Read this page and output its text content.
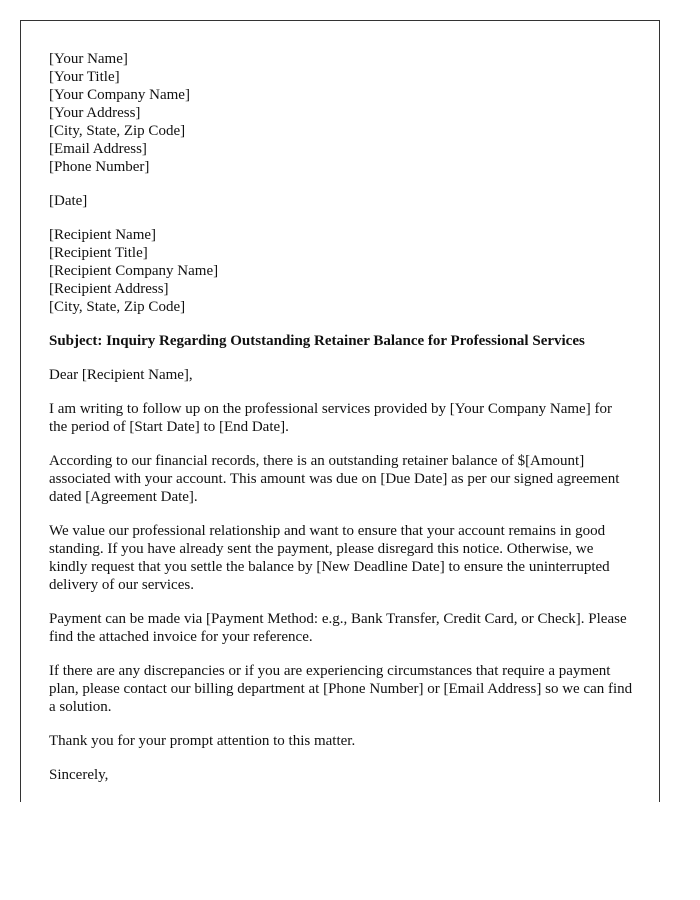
[Your Name]
[Your Title]
[Your Company Name]
[Your Address]
[City, State, Zip Code]
[Email Address]
[Phone Number]

[Date]

[Recipient Name]
[Recipient Title]
[Recipient Company Name]
[Recipient Address]
[City, State, Zip Code]

Subject: Inquiry Regarding Outstanding Retainer Balance for Professional Services

Dear [Recipient Name],

I am writing to follow up on the professional services provided by [Your Company Name] for the period of [Start Date] to [End Date].

According to our financial records, there is an outstanding retainer balance of $[Amount] associated with your account. This amount was due on [Due Date] as per our signed agreement dated [Agreement Date].

We value our professional relationship and want to ensure that your account remains in good standing. If you have already sent the payment, please disregard this notice. Otherwise, we kindly request that you settle the balance by [New Deadline Date] to ensure the uninterrupted delivery of our services.

Payment can be made via [Payment Method: e.g., Bank Transfer, Credit Card, or Check]. Please find the attached invoice for your reference.

If there are any discrepancies or if you are experiencing circumstances that require a payment plan, please contact our billing department at [Phone Number] or [Email Address] so we can find a solution.

Thank you for your prompt attention to this matter.

Sincerely,
